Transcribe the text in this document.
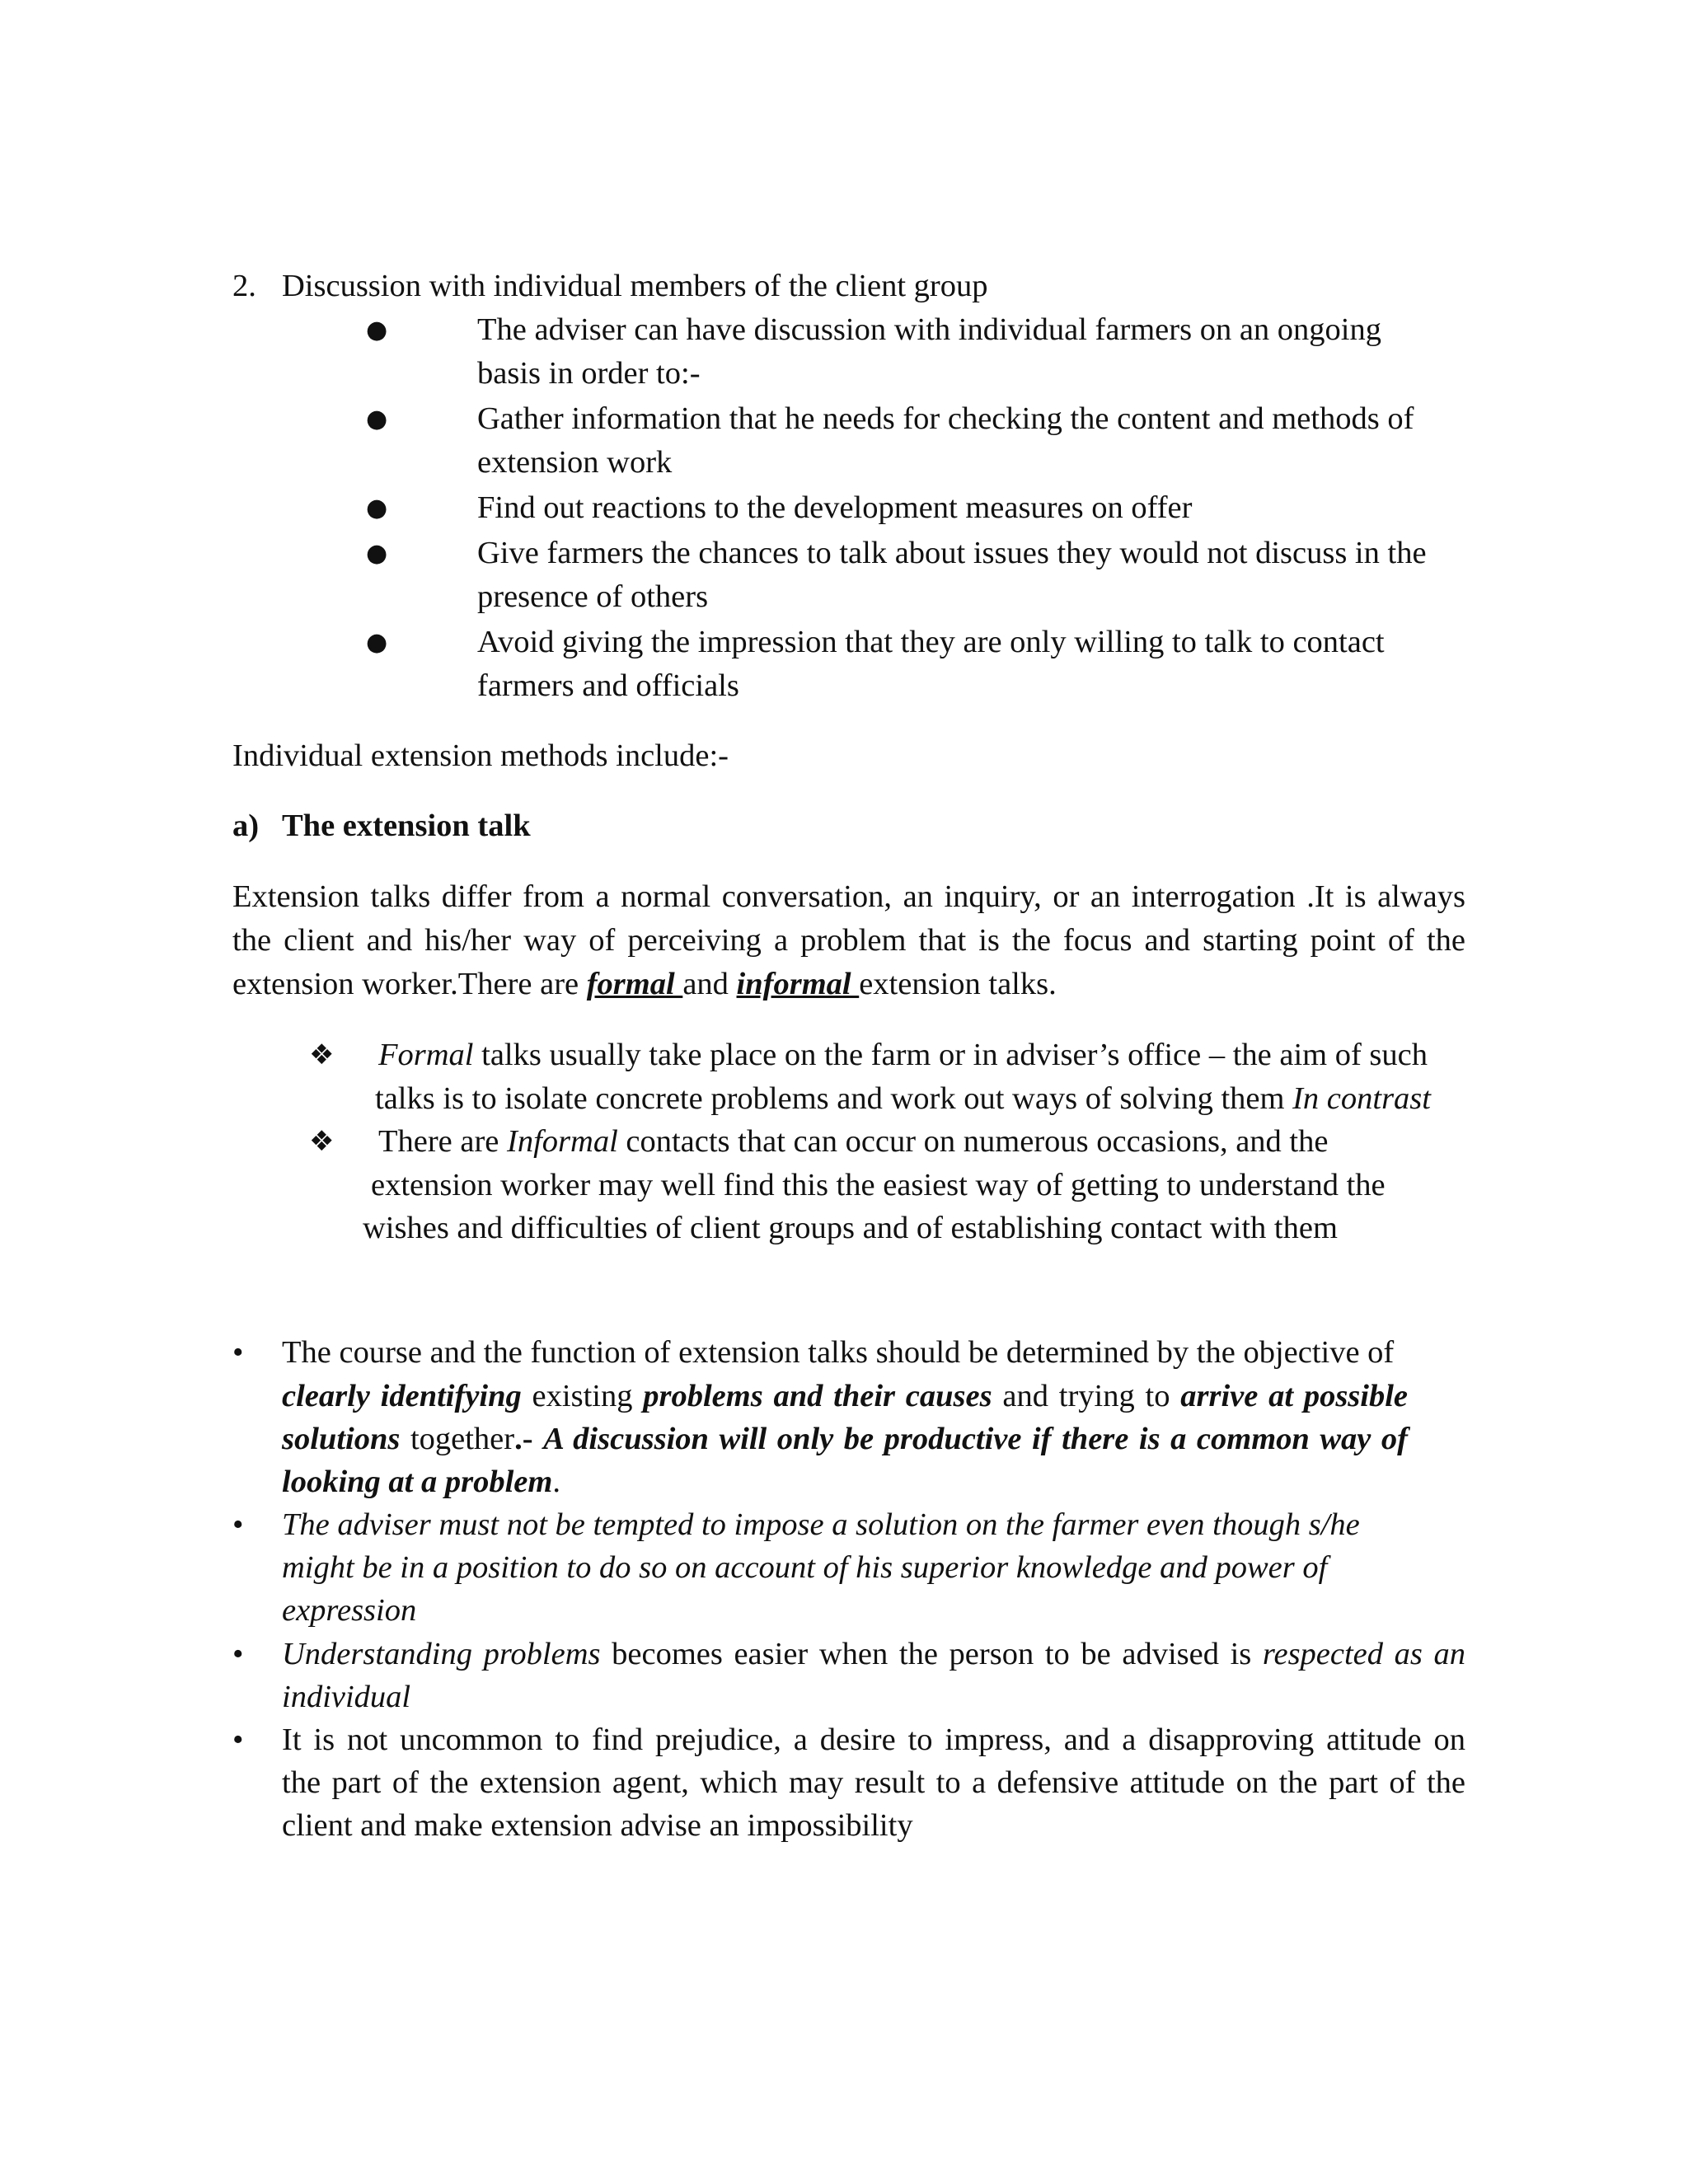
2. Discussion with individual members of the client group
●	The adviser can have discussion with individual farmers on an ongoing
basis in order to:-
●	Gather information that he needs for checking the content and methods of
extension work
●	Find out reactions to the development measures on offer
●	Give farmers the chances to talk about issues they would not discuss in the
presence of others
●	Avoid giving the impression that they are only willing to talk to contact
farmers and officials
Individual extension methods include:-
a) The extension talk
Extension talks differ from a normal conversation, an inquiry, or an interrogation .It is always
the client and his/her way of perceiving a problem that is the focus and starting point of the
extension worker.There are formal and informal extension talks.
❖ Formal talks usually take place on the farm or in adviser’s office – the aim of such
talks is to isolate concrete problems and work out ways of solving them In contrast
❖ There are Informal contacts that can occur on numerous occasions, and the
extension worker may well find this the easiest way of getting to understand the
wishes and difficulties of client groups and of establishing contact with them
• The course and the function of extension talks should be determined by the objective of
clearly identifying existing problems and their causes and trying to arrive at possible
solutions together.- A discussion will only be productive if there is a common way of
looking at a problem.
• The adviser must not be tempted to impose a solution on the farmer even though s/he
might be in a position to do so on account of his superior knowledge and power of
expression
• Understanding problems becomes easier when the person to be advised is respected as an
individual
• It is not uncommon to find prejudice, a desire to impress, and a disapproving attitude on
the part of the extension agent, which may result to a defensive attitude on the part of the
client and make extension advise an impossibility
